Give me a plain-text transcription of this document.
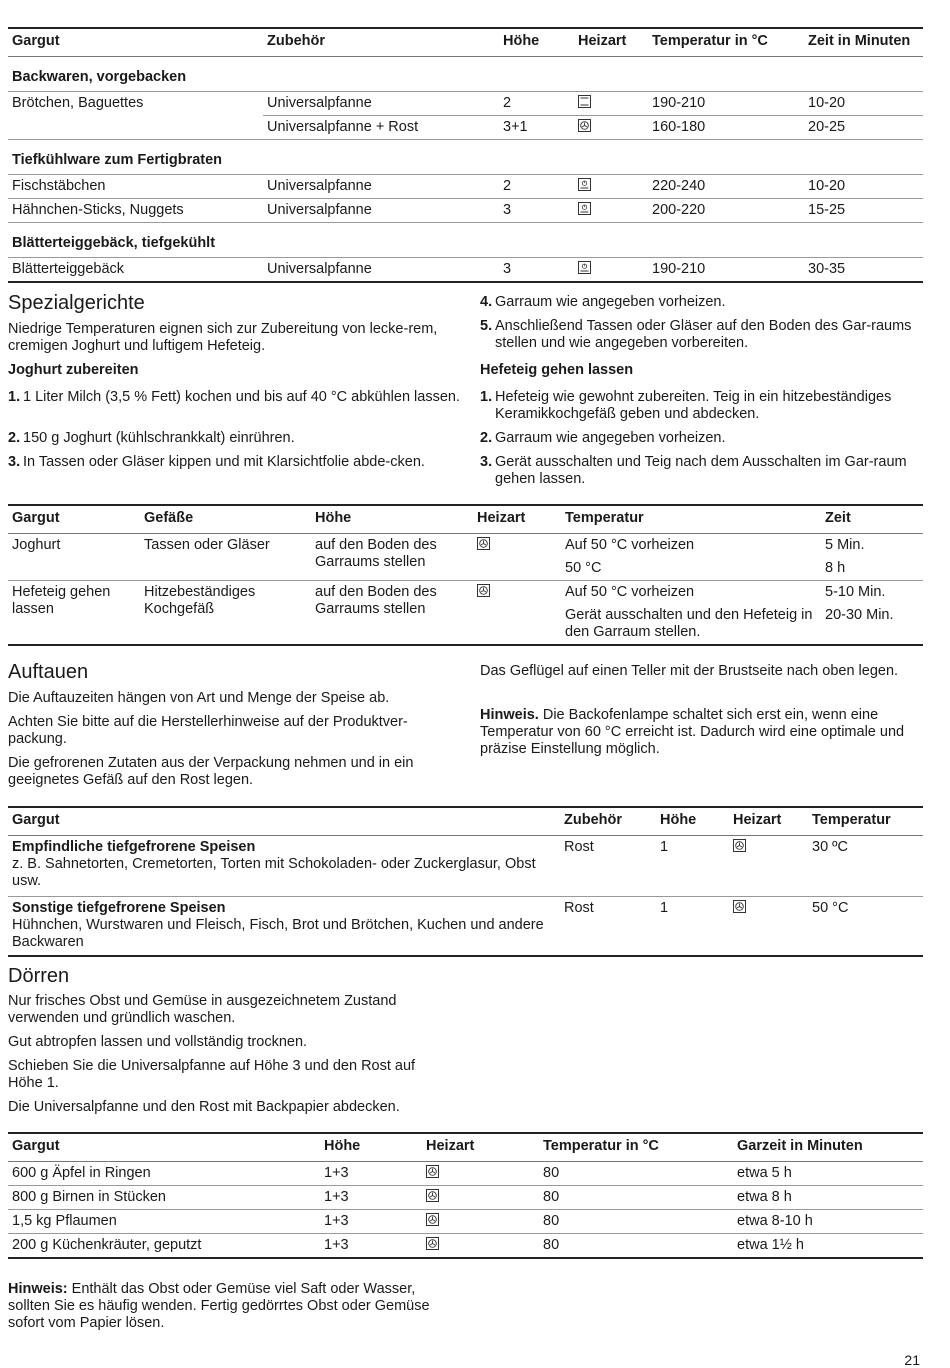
Gargut	Zubehör	Höhe	Heizart	Temperatur in °C	Zeit in Minuten
Backwaren, vorgebacken					
Brötchen, Baguettes	Universalpfanne	2		190-210	10-20
	Universalpfanne + Rost	3+1		160-180	20-25
Tiefkühlware zum Fertigbraten					
Fischstäbchen	Universalpfanne	2		220-240	10-20
Hähnchen-Sticks, Nuggets	Universalpfanne	3		200-220	15-25
Blätterteiggebäck, tiefgekühlt					
Blätterteiggebäck	Universalpfanne	3		190-210	30-35
Spezialgerichte

Niedrige Temperaturen eignen sich zur Zubereitung von lecke-rem, cremigen Joghurt und luftigem Hefeteig.

Joghurt zubereiten

1. 1 Liter Milch (3,5 % Fett) kochen und bis auf 40 °C abkühlen lassen.
2. 150 g Joghurt (kühlschrankkalt) einrühren.
3. In Tassen oder Gläser kippen und mit Klarsichtfolie abde-cken.
4. Garraum wie angegeben vorheizen.
5. Anschließend Tassen oder Gläser auf den Boden des Gar-raums stellen und wie angegeben vorbereiten.

Hefeteig gehen lassen

1. Hefeteig wie gewohnt zubereiten. Teig in ein hitzebeständiges Keramikkochgefäß geben und abdecken.
2. Garraum wie angegeben vorheizen.
3. Gerät ausschalten und Teig nach dem Ausschalten im Gar-raum gehen lassen.
Gargut	Gefäße	Höhe	Heizart	Temperatur	Zeit
Joghurt	Tassen oder Gläser	auf den Boden des Garraums stellen		Auf 50 °C vorheizen	5 Min.
				50 °C	8 h
Hefeteig gehen lassen	Hitzebeständiges Kochgefäß	auf den Boden des Garraums stellen		Auf 50 °C vorheizen	5-10 Min.
				Gerät ausschalten und den Hefeteig in den Garraum stellen.	20-30 Min.
Auftauen

Die Auftauzeiten hängen von Art und Menge der Speise ab.

Achten Sie bitte auf die Herstellerhinweise auf der Produktver-packung.

Die gefrorenen Zutaten aus der Verpackung nehmen und in ein geeignetes Gefäß auf den Rost legen.

Das Geflügel auf einen Teller mit der Brustseite nach oben legen.

Hinweis. Die Backofenlampe schaltet sich erst ein, wenn eine Temperatur von 60 °C erreicht ist. Dadurch wird eine optimale und präzise Einstellung möglich.

Gargut	Zubehör	Höhe	Heizart	Temperatur
Empfindliche tiefgefrorene Speisen
z. B. Sahnetorten, Cremetorten, Torten mit Schokoladen- oder Zuckerglasur, Obst usw.	Rost	1		30 ºC
Sonstige tiefgefrorene Speisen
Hühnchen, Wurstwaren und Fleisch, Fisch, Brot und Brötchen, Kuchen und andere Backwaren	Rost	1		50 °C
Dörren

Nur frisches Obst und Gemüse in ausgezeichnetem Zustand verwenden und gründlich waschen.

Gut abtropfen lassen und vollständig trocknen.

Schieben Sie die Universalpfanne auf Höhe 3 und den Rost auf Höhe 1.

Die Universalpfanne und den Rost mit Backpapier abdecken.

Gargut	Höhe	Heizart	Temperatur in °C	Garzeit in Minuten
600 g Äpfel in Ringen	1+3		80	etwa 5 h
800 g Birnen in Stücken	1+3		80	etwa 8 h
1,5 kg Pflaumen	1+3		80	etwa 8-10 h
200 g Küchenkräuter, geputzt	1+3		80	etwa 1½ h

Hinweis: Enthält das Obst oder Gemüse viel Saft oder Wasser, sollten Sie es häufig wenden. Fertig gedörrtes Obst oder Gemüse sofort vom Papier lösen.

21
